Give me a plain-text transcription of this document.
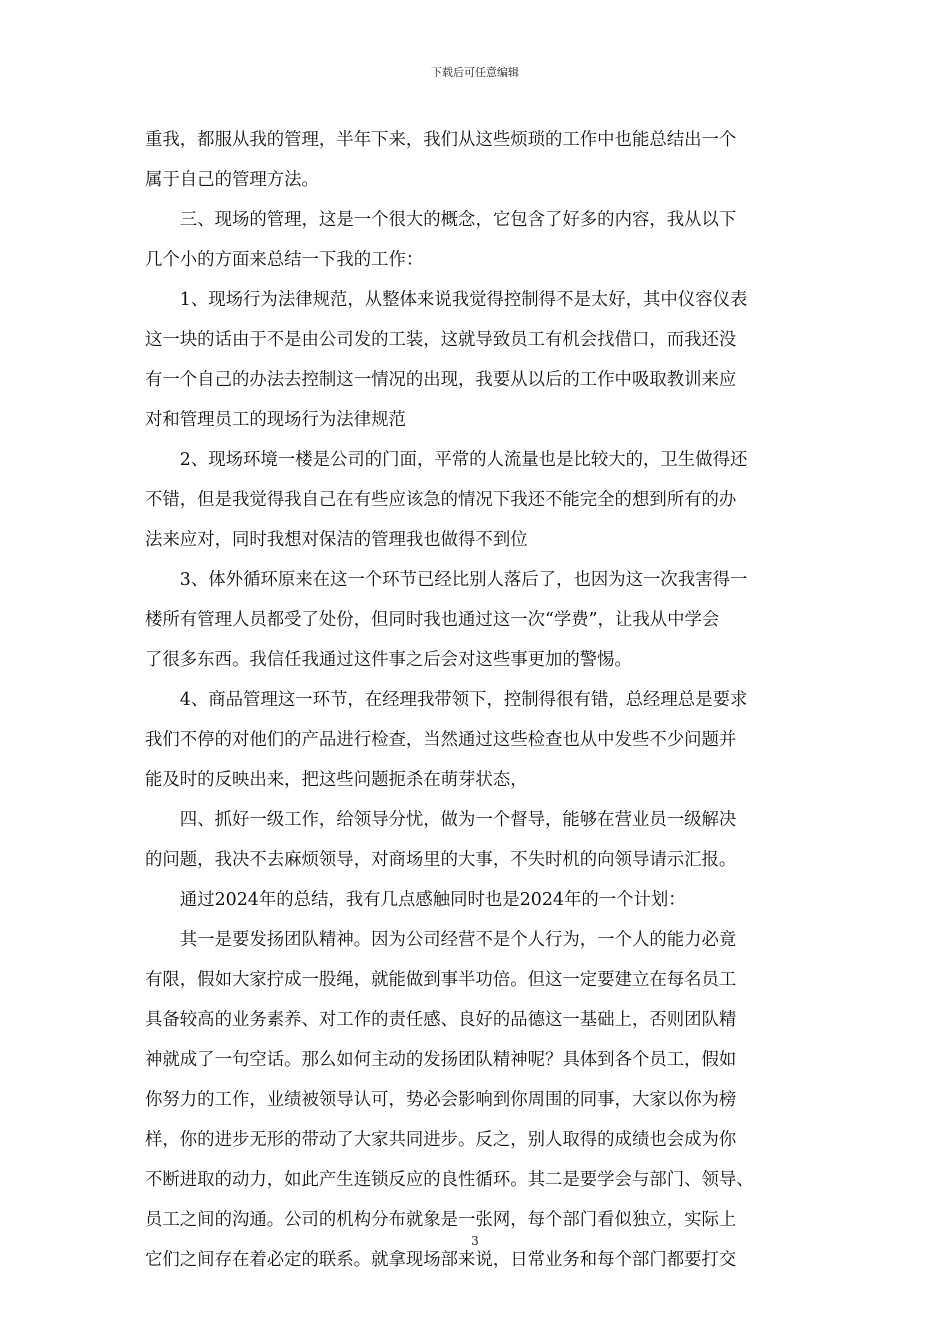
下载后可任意编辑
重我，都服从我的管理，半年下来，我们从这些烦琐的工作中也能总结出一个
属于自己的管理方法。
三、现场的管理，这是一个很大的概念，它包含了好多的内容，我从以下
几个小的方面来总结一下我的工作：
1、现场行为法律规范，从整体来说我觉得控制得不是太好，其中仪容仪表
这一块的话由于不是由公司发的工装，这就导致员工有机会找借口，而我还没
有一个自己的办法去控制这一情况的出现，我要从以后的工作中吸取教训来应
对和管理员工的现场行为法律规范
2、现场环境一楼是公司的门面，平常的人流量也是比较大的，卫生做得还
不错，但是我觉得我自己在有些应该急的情况下我还不能完全的想到所有的办
法来应对，同时我想对保洁的管理我也做得不到位
3、体外循环原来在这一个环节已经比别人落后了，也因为这一次我害得一
楼所有管理人员都受了处份，但同时我也通过这一次“学费”，让我从中学会
了很多东西。我信任我通过这件事之后会对这些事更加的警惕。
4、商品管理这一环节，在经理我带领下，控制得很有错，总经理总是要求
我们不停的对他们的产品进行检查，当然通过这些检查也从中发些不少问题并
能及时的反映出来，把这些问题扼杀在萌芽状态，
四、抓好一级工作，给领导分忧，做为一个督导，能够在营业员一级解决
的问题，我决不去麻烦领导，对商场里的大事，不失时机的向领导请示汇报。
通过2024年的总结，我有几点感触同时也是2024年的一个计划：
其一是要发扬团队精神。因为公司经营不是个人行为，一个人的能力必竟
有限，假如大家拧成一股绳，就能做到事半功倍。但这一定要建立在每名员工
具备较高的业务素养、对工作的责任感、良好的品德这一基础上，否则团队精
神就成了一句空话。那么如何主动的发扬团队精神呢？具体到各个员工，假如
你努力的工作，业绩被领导认可，势必会影响到你周围的同事，大家以你为榜
样，你的进步无形的带动了大家共同进步。反之，别人取得的成绩也会成为你
不断进取的动力，如此产生连锁反应的良性循环。其二是要学会与部门、领导、
员工之间的沟通。公司的机构分布就象是一张网，每个部门看似独立，实际上
它们之间存在着必定的联系。就拿现场部来说，日常业务和每个部门都要打交
3
